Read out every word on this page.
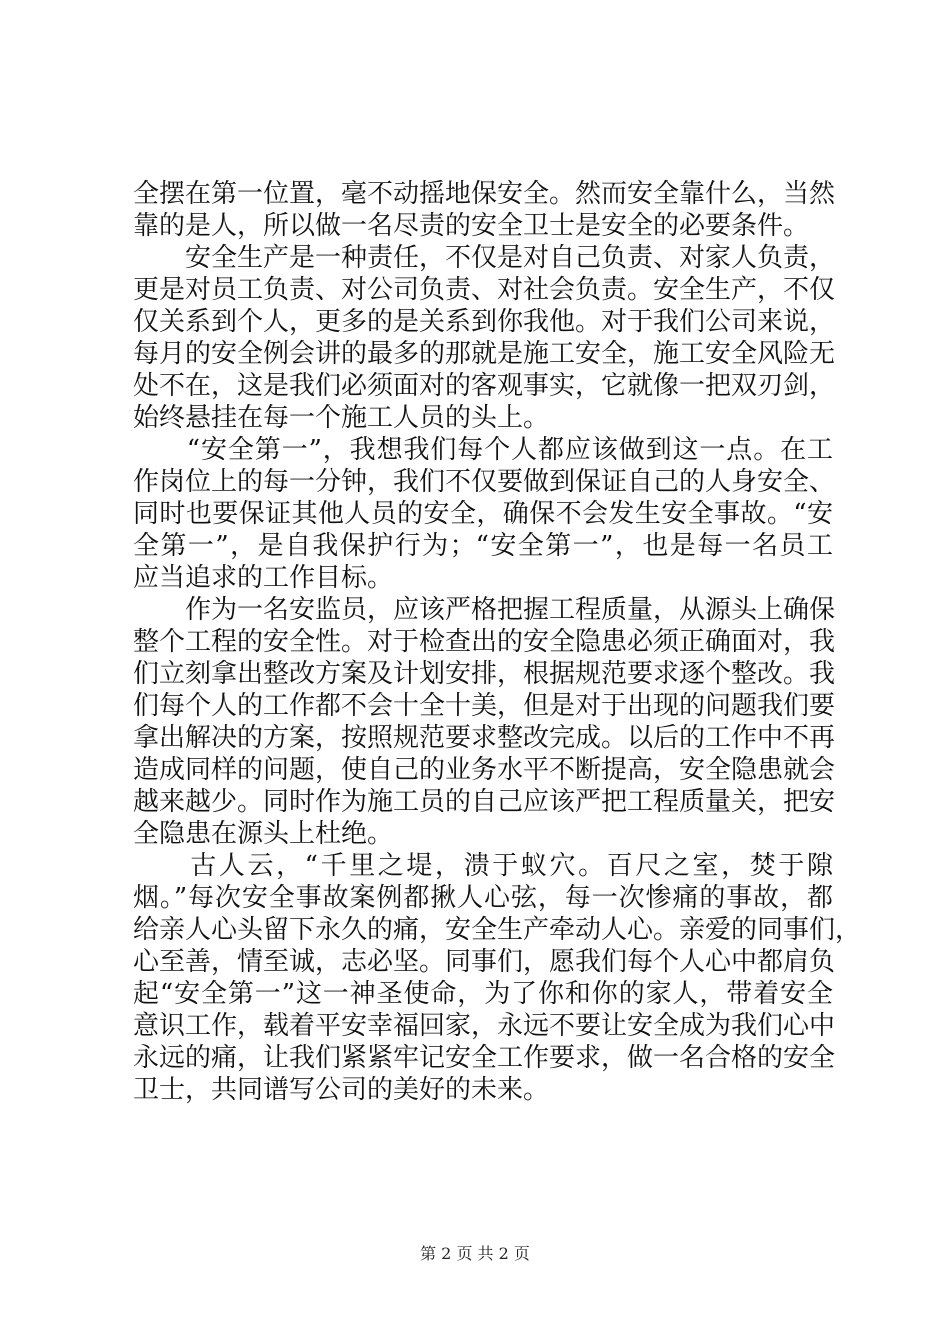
全摆在第一位置，毫不动摇地保安全。然而安全靠什么，当然
靠的是人，所以做一名尽责的安全卫士是安全的必要条件。
　　安全生产是一种责任，不仅是对自己负责、对家人负责，
更是对员工负责、对公司负责、对社会负责。安全生产，不仅
仅关系到个人，更多的是关系到你我他。对于我们公司来说，
每月的安全例会讲的最多的那就是施工安全，施工安全风险无
处不在，这是我们必须面对的客观事实，它就像一把双刃剑，
始终悬挂在每一个施工人员的头上。
　　“安全第一”，我想我们每个人都应该做到这一点。在工
作岗位上的每一分钟，我们不仅要做到保证自己的人身安全、
同时也要保证其他人员的安全，确保不会发生安全事故。“安
全第一”，是自我保护行为；“安全第一”，也是每一名员工
应当追求的工作目标。
　　作为一名安监员，应该严格把握工程质量，从源头上确保
整个工程的安全性。对于检查出的安全隐患必须正确面对，我
们立刻拿出整改方案及计划安排，根据规范要求逐个整改。我
们每个人的工作都不会十全十美，但是对于出现的问题我们要
拿出解决的方案，按照规范要求整改完成。以后的工作中不再
造成同样的问题，使自己的业务水平不断提高，安全隐患就会
越来越少。同时作为施工员的自己应该严把工程质量关，把安
全隐患在源头上杜绝。
　　古人云，“千里之堤，溃于蚁穴。百尺之室，焚于隙
烟。”每次安全事故案例都揪人心弦，每一次惨痛的事故，都
给亲人心头留下永久的痛，安全生产牵动人心。亲爱的同事们，
心至善，情至诚，志必坚。同事们，愿我们每个人心中都肩负
起“安全第一”这一神圣使命，为了你和你的家人，带着安全
意识工作，载着平安幸福回家，永远不要让安全成为我们心中
永远的痛，让我们紧紧牢记安全工作要求，做一名合格的安全
卫士，共同谱写公司的美好的未来。
第 2 页 共 2 页
